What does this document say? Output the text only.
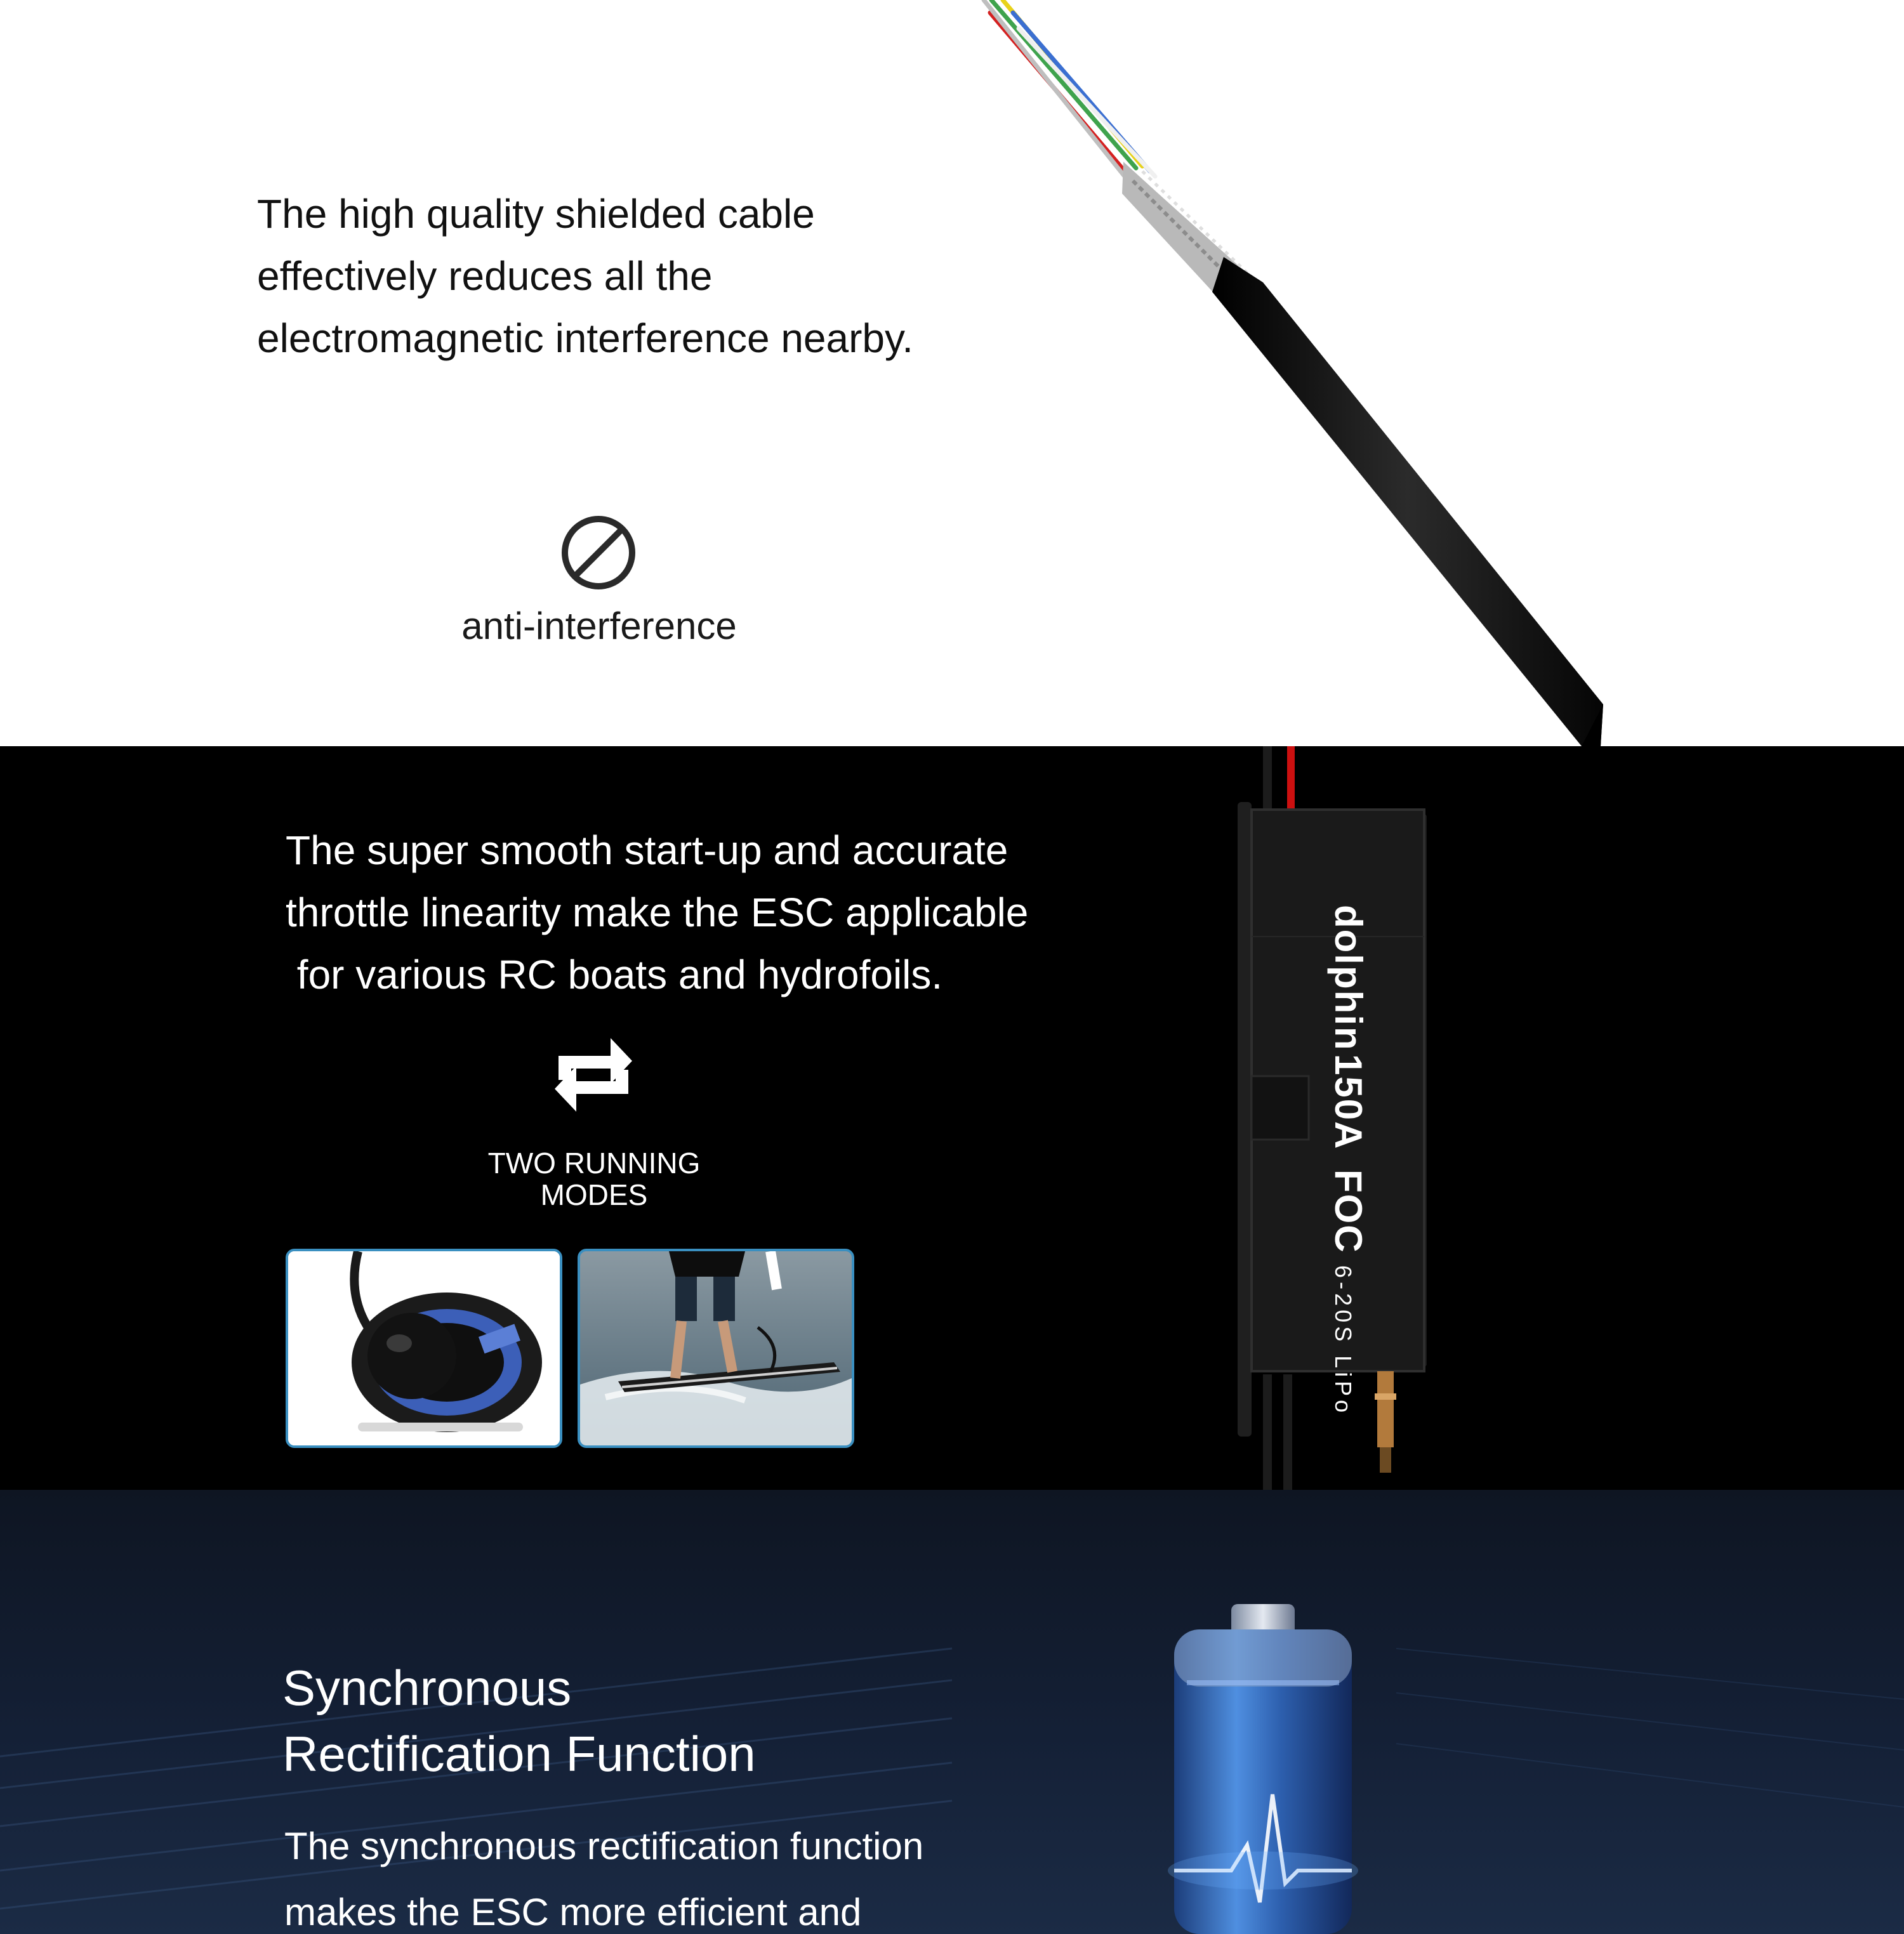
The high quality shielded cable
effectively reduces all the
electromagnetic interference nearby.
anti-interference
The super smooth start-up and accurate
throttle linearity make the ESC applicable
for various RC boats and hydrofoils.
TWO RUNNING
MODES
dolphin 150A FOC 6-20S LiPo
Synchronous
Rectification Function
The synchronous rectification function
makes the ESC more efficient and
